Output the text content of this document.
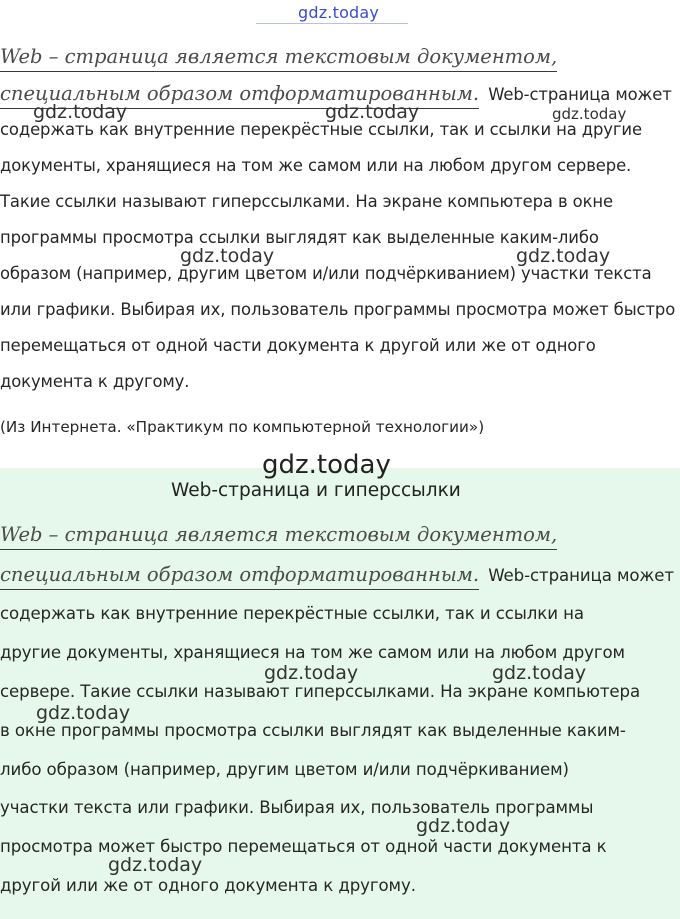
gdz.today
Web – страница является текстовым документом,
специальным образом отформатированным. Web-страница может
содержать как внутренние перекрёстные ссылки, так и ссылки на другие
документы, хранящиеся на том же самом или на любом другом сервере.
Такие ссылки называют гиперссылками. На экране компьютера в окне
программы просмотра ссылки выглядят как выделенные каким-либо
образом (например, другим цветом и/или подчёркиванием) участки текста
или графики. Выбирая их, пользователь программы просмотра может быстро
перемещаться от одной части документа к другой или же от одного
документа к другому.
(Из Интернета. «Практикум по компьютерной технологии»)
gdz.today	gdz.today	gdz.today
gdz.today	gdz.today
gdz.today
Web-страница и гиперссылки
Web – страница является текстовым документом,
специальным образом отформатированным. Web-страница может
содержать как внутренние перекрёстные ссылки, так и ссылки на
другие документы, хранящиеся на том же самом или на любом другом
сервере. Такие ссылки называют гиперссылками. На экране компьютера
в окне программы просмотра ссылки выглядят как выделенные каким-
либо образом (например, другим цветом и/или подчёркиванием)
участки текста или графики. Выбирая их, пользователь программы
просмотра может быстро перемещаться от одной части документа к
другой или же от одного документа к другому.
gdz.today	gdz.today
gdz.today
gdz.today
gdz.today
